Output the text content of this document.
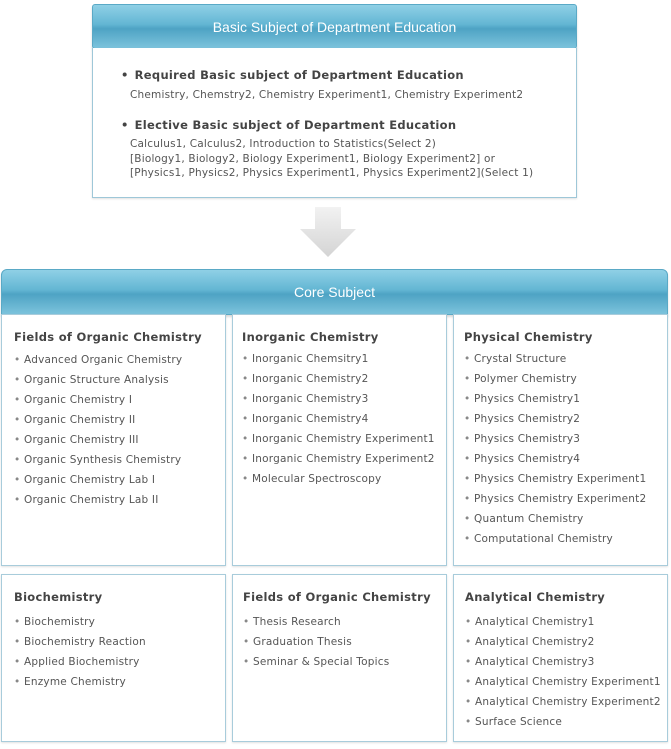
Basic Subject of Department Education
• Required Basic subject of Department Education
Chemistry, Chemstry2, Chemistry Experiment1, Chemistry Experiment2
• Elective Basic subject of Department Education
Calculus1, Calculus2, Introduction to Statistics(Select 2)
[Biology1, Biology2, Biology Experiment1, Biology Experiment2] or
[Physics1, Physics2, Physics Experiment1, Physics Experiment2](Select 1)
Core Subject
Fields of Organic Chemistry
• Advanced Organic Chemistry
• Organic Structure Analysis
• Organic Chemistry I
• Organic Chemistry II
• Organic Chemistry III
• Organic Synthesis Chemistry
• Organic Chemistry Lab I
• Organic Chemistry Lab II
Inorganic Chemistry
• Inorganic Chemsitry1
• Inorganic Chemistry2
• Inorganic Chemistry3
• Inorganic Chemistry4
• Inorganic Chemistry Experiment1
• Inorganic Chemistry Experiment2
• Molecular Spectroscopy
Physical Chemistry
• Crystal Structure
• Polymer Chemistry
• Physics Chemistry1
• Physics Chemistry2
• Physics Chemistry3
• Physics Chemistry4
• Physics Chemistry Experiment1
• Physics Chemistry Experiment2
• Quantum Chemistry
• Computational Chemistry
Biochemistry
• Biochemistry
• Biochemistry Reaction
• Applied Biochemistry
• Enzyme Chemistry
Fields of Organic Chemistry
• Thesis Research
• Graduation Thesis
• Seminar & Special Topics
Analytical Chemistry
• Analytical Chemistry1
• Analytical Chemistry2
• Analytical Chemistry3
• Analytical Chemistry Experiment1
• Analytical Chemistry Experiment2
• Surface Science
